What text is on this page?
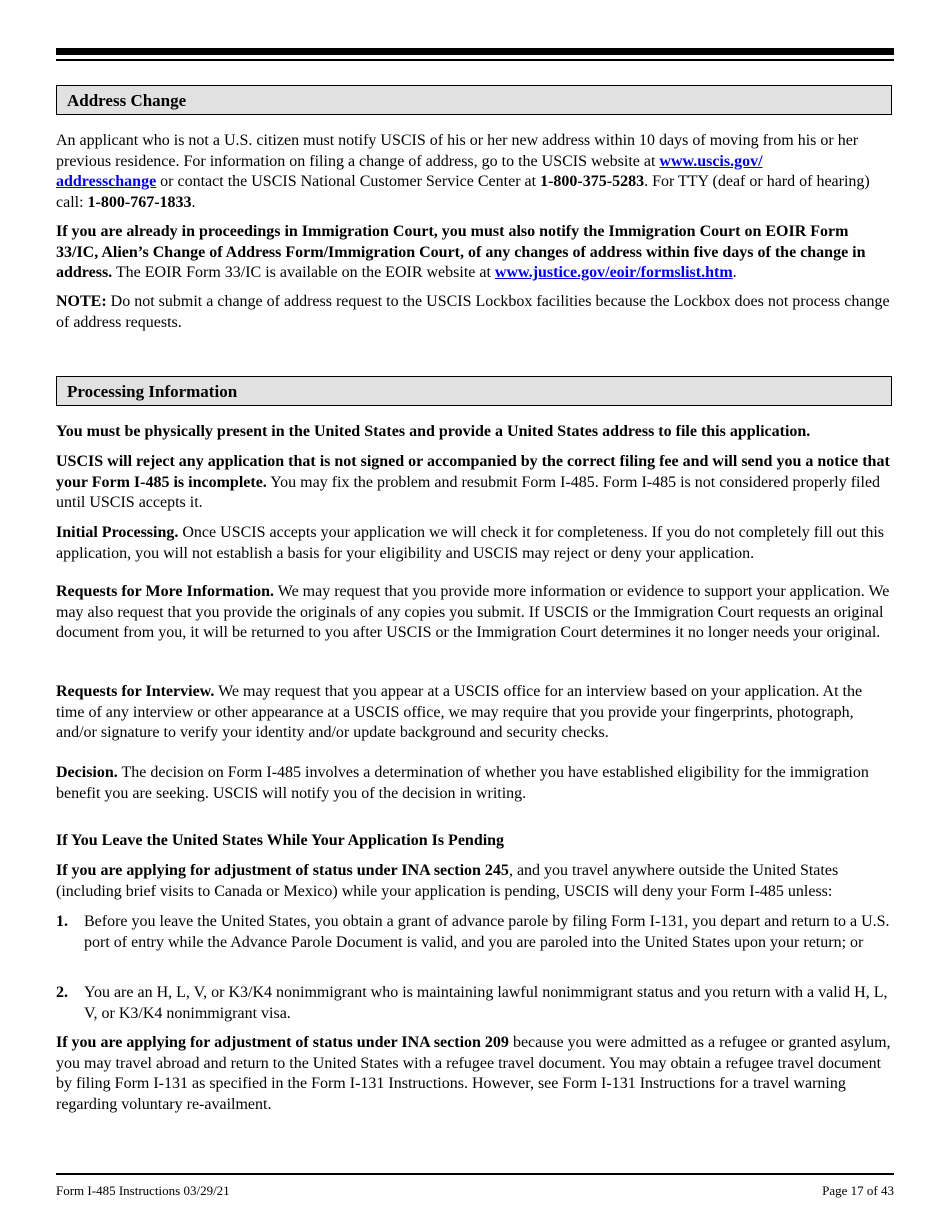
Address Change

An applicant who is not a U.S. citizen must notify USCIS of his or her new address within 10 days of moving from his or her previous residence. For information on filing a change of address, go to the USCIS website at www.uscis.gov/
addresschange or contact the USCIS National Customer Service Center at 1-800-375-5283. For TTY (deaf or hard of hearing) call: 1-800-767-1833.

If you are already in proceedings in Immigration Court, you must also notify the Immigration Court on EOIR Form 33/IC, Alien’s Change of Address Form/Immigration Court, of any changes of address within five days of the change in address. The EOIR Form 33/IC is available on the EOIR website at www.justice.gov/eoir/formslist.htm.

NOTE: Do not submit a change of address request to the USCIS Lockbox facilities because the Lockbox does not process change of address requests.

Processing Information

You must be physically present in the United States and provide a United States address to file this application.

USCIS will reject any application that is not signed or accompanied by the correct filing fee and will send you a notice that your Form I-485 is incomplete. You may fix the problem and resubmit Form I-485. Form I-485 is not considered properly filed until USCIS accepts it.

Initial Processing. Once USCIS accepts your application we will check it for completeness. If you do not completely fill out this application, you will not establish a basis for your eligibility and USCIS may reject or deny your application.

Requests for More Information. We may request that you provide more information or evidence to support your application. We may also request that you provide the originals of any copies you submit. If USCIS or the Immigration Court requests an original document from you, it will be returned to you after USCIS or the Immigration Court determines it no longer needs your original.

Requests for Interview. We may request that you appear at a USCIS office for an interview based on your application. At the time of any interview or other appearance at a USCIS office, we may require that you provide your fingerprints, photograph, and/or signature to verify your identity and/or update background and security checks.

Decision. The decision on Form I-485 involves a determination of whether you have established eligibility for the immigration benefit you are seeking. USCIS will notify you of the decision in writing.

If You Leave the United States While Your Application Is Pending

If you are applying for adjustment of status under INA section 245, and you travel anywhere outside the United States (including brief visits to Canada or Mexico) while your application is pending, USCIS will deny your Form I-485 unless:

1. Before you leave the United States, you obtain a grant of advance parole by filing Form I-131, you depart and return to a U.S. port of entry while the Advance Parole Document is valid, and you are paroled into the United States upon your return; or

2. You are an H, L, V, or K3/K4 nonimmigrant who is maintaining lawful nonimmigrant status and you return with a valid H, L, V, or K3/K4 nonimmigrant visa.

If you are applying for adjustment of status under INA section 209 because you were admitted as a refugee or granted asylum, you may travel abroad and return to the United States with a refugee travel document. You may obtain a refugee travel document by filing Form I-131 as specified in the Form I-131 Instructions. However, see Form I-131 Instructions for a travel warning regarding voluntary re-availment.

Form I-485 Instructions 03/29/21	Page 17 of 43
